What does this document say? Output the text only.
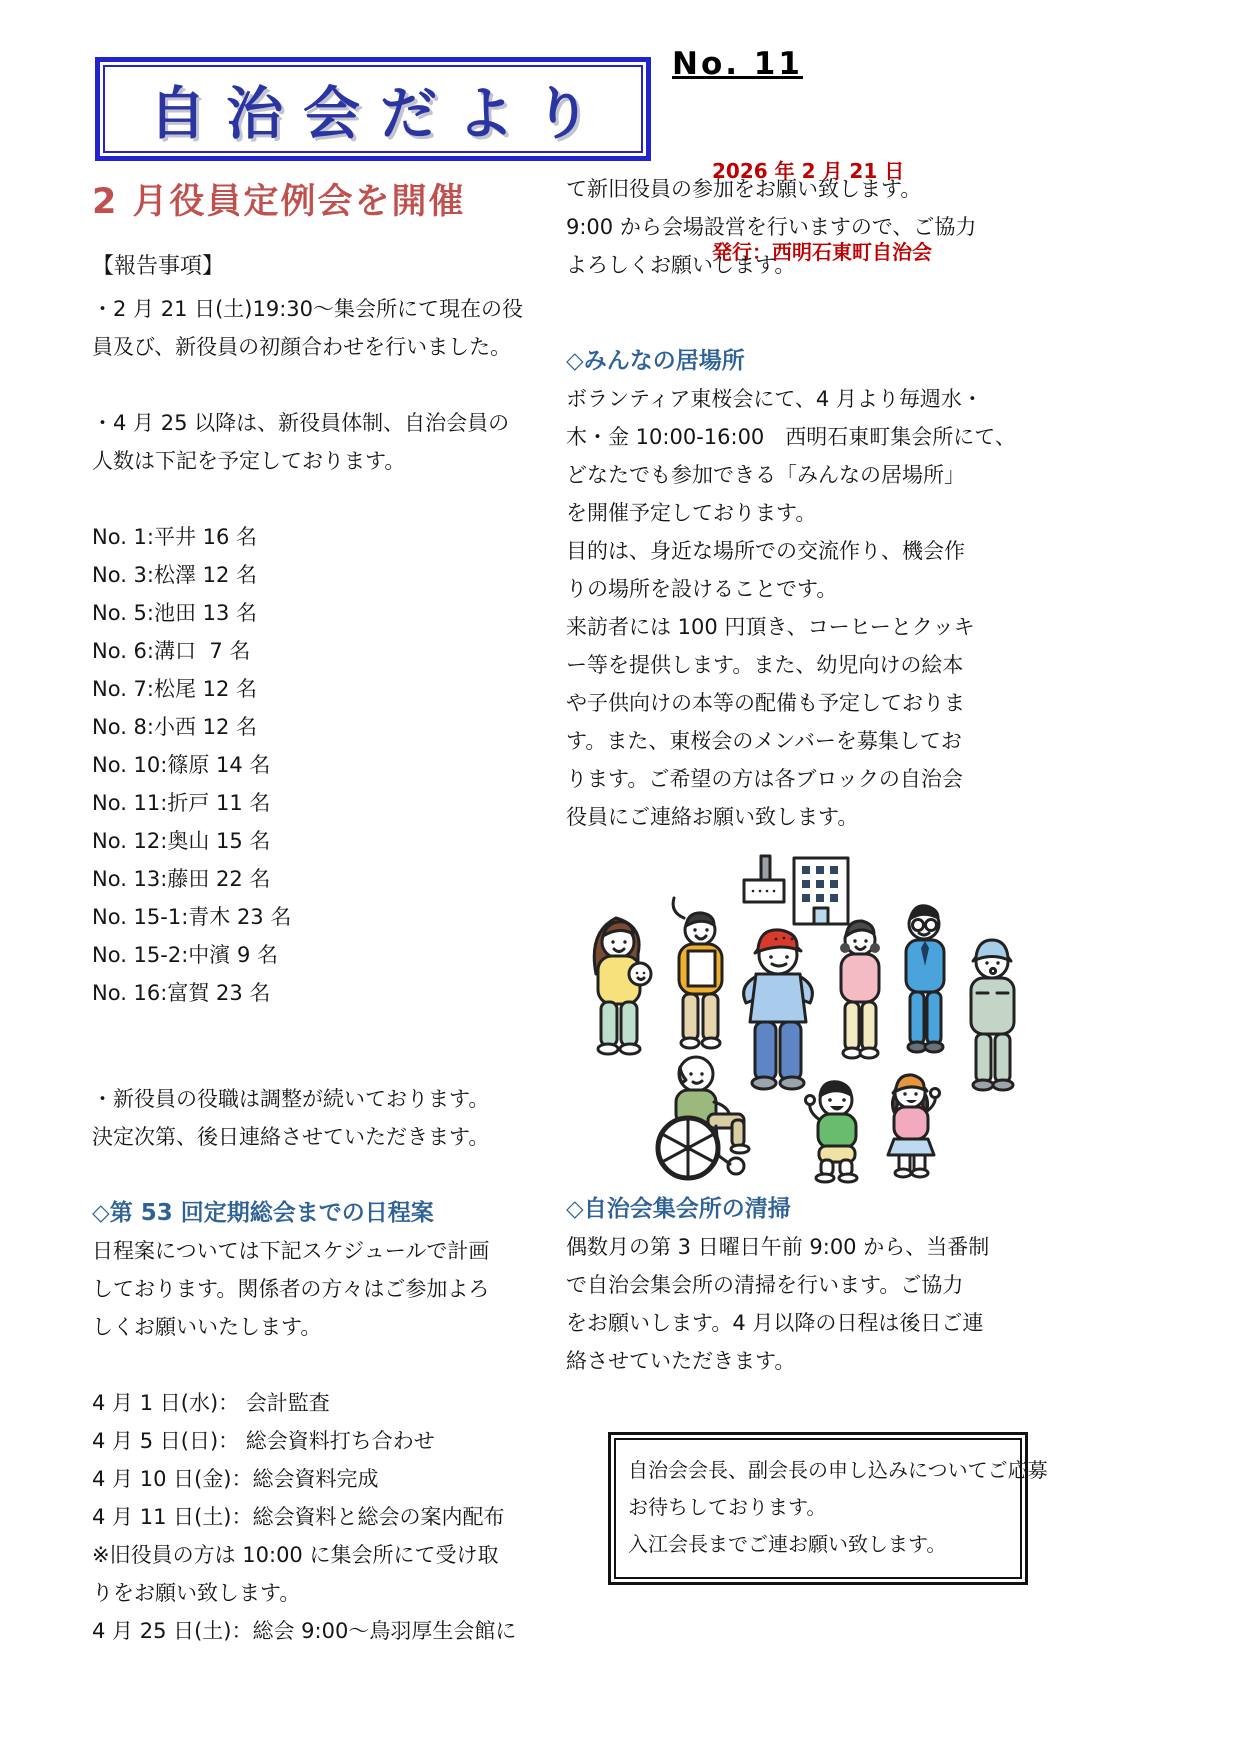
自治会だより
No. 11

2026 年 2 月 21 日

発行：西明石東町自治会

2 月役員定例会を開催
【報告事項】
・2 月 21 日(土)19:30～集会所にて現在の役
員及び、新役員の初顔合わせを行いました。
・4 月 25 以降は、新役員体制、自治会員の
人数は下記を予定しております。
No. 1:平井 16 名
No. 3:松澤 12 名
No. 5:池田 13 名
No. 6:溝口  7 名
No. 7:松尾 12 名
No. 8:小西 12 名
No. 10:篠原 14 名
No. 11:折戸 11 名
No. 12:奥山 15 名
No. 13:藤田 22 名
No. 15-1:青木 23 名
No. 15-2:中濱 9 名
No. 16:富賀 23 名
・新役員の役職は調整が続いております。
決定次第、後日連絡させていただきます。
◇第 53 回定期総会までの日程案
日程案については下記スケジュールで計画
しております。関係者の方々はご参加よろ
しくお願いいたします。
4 月 1 日(水)： 会計監査
4 月 5 日(日)： 総会資料打ち合わせ
4 月 10 日(金)：総会資料完成
4 月 11 日(土)：総会資料と総会の案内配布
※旧役員の方は 10:00 に集会所にて受け取
りをお願い致します。
4 月 25 日(土)：総会 9:00～鳥羽厚生会館に
て新旧役員の参加をお願い致します。
9:00 から会場設営を行いますので、ご協力
よろしくお願いします。
◇みんなの居場所
ボランティア東桜会にて、4 月より毎週水・
木・金 10:00-16:00　西明石東町集会所にて、
どなたでも参加できる「みんなの居場所」
を開催予定しております。
目的は、身近な場所での交流作り、機会作
りの場所を設けることです。
来訪者には 100 円頂き、コーヒーとクッキ
ー等を提供します。また、幼児向けの絵本
や子供向けの本等の配備も予定しておりま
す。また、東桜会のメンバーを募集してお
ります。ご希望の方は各ブロックの自治会
役員にご連絡お願い致します。
◇自治会集会所の清掃
偶数月の第 3 日曜日午前 9:00 から、当番制
で自治会集会所の清掃を行います。ご協力
をお願いします。4 月以降の日程は後日ご連
絡させていただきます。
自治会会長、副会長の申し込みについてご応募
お待ちしております。
入江会長までご連お願い致します。
